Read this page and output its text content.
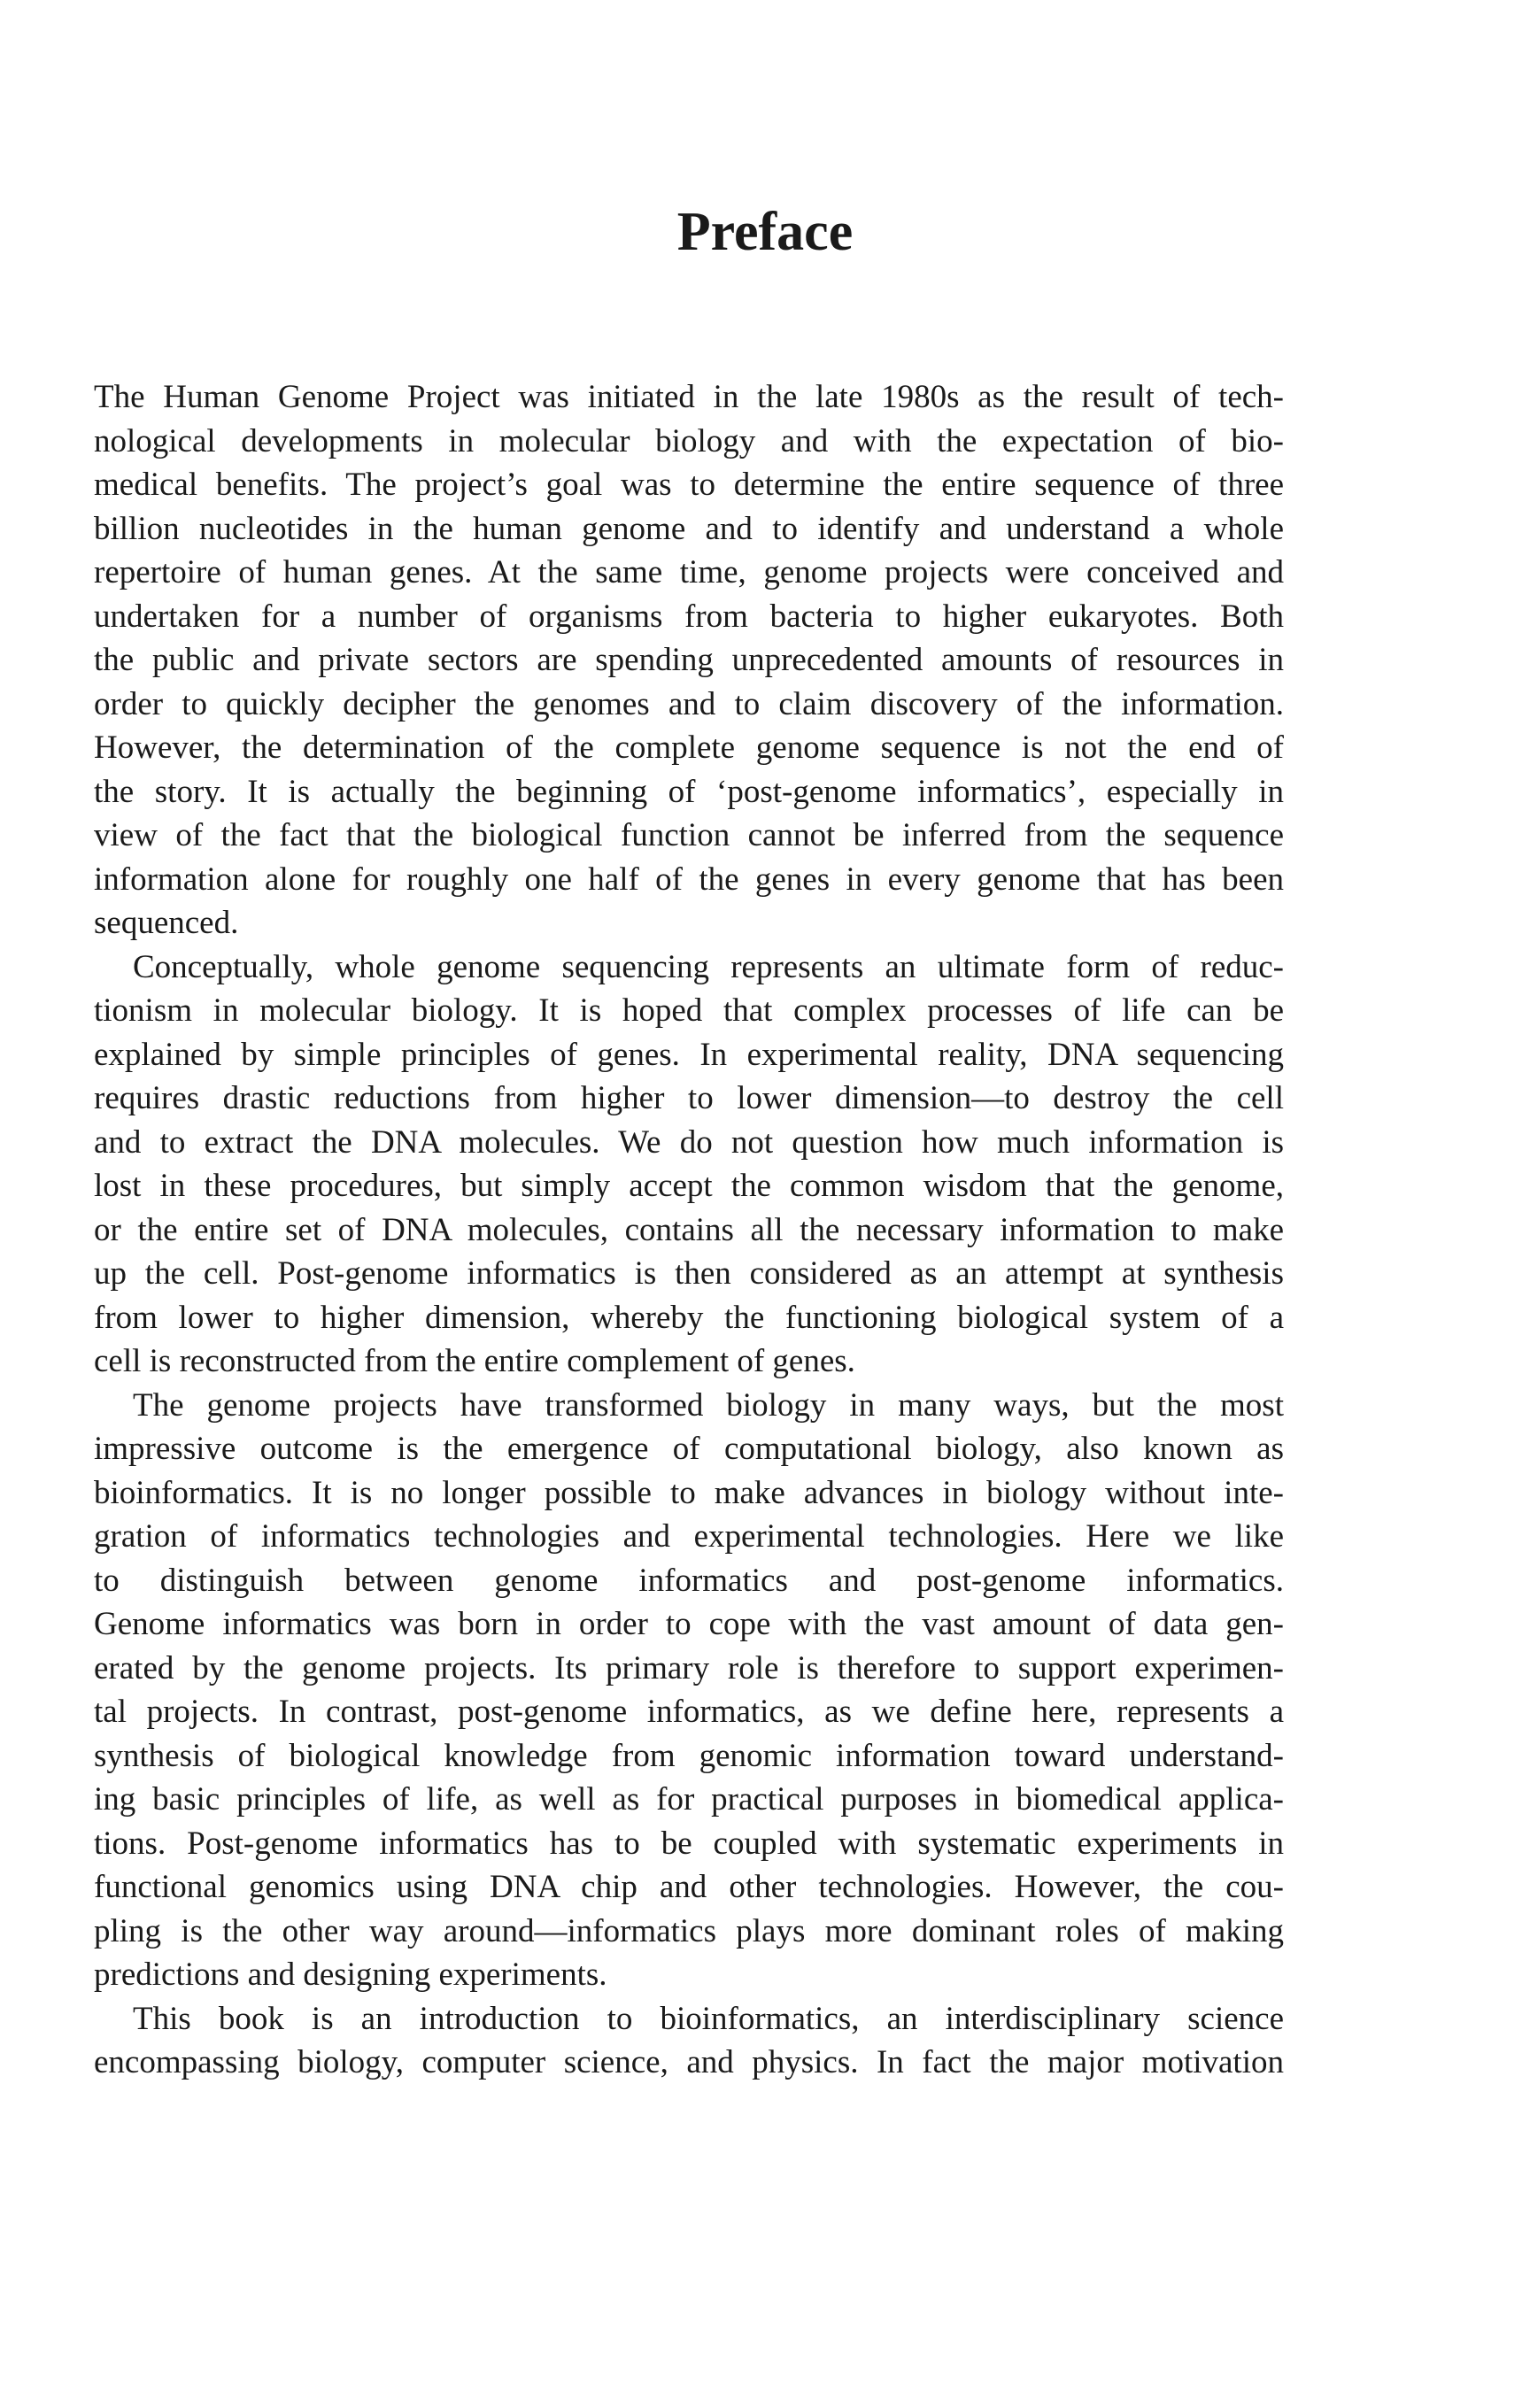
Preface
The Human Genome Project was initiated in the late 1980s as the result of tech-
nological developments in molecular biology and with the expectation of bio-
medical benefits. The project’s goal was to determine the entire sequence of three
billion nucleotides in the human genome and to identify and understand a whole
repertoire of human genes. At the same time, genome projects were conceived and
undertaken for a number of organisms from bacteria to higher eukaryotes. Both
the public and private sectors are spending unprecedented amounts of resources in
order to quickly decipher the genomes and to claim discovery of the information.
However, the determination of the complete genome sequence is not the end of
the story. It is actually the beginning of ‘post-genome informatics’, especially in
view of the fact that the biological function cannot be inferred from the sequence
information alone for roughly one half of the genes in every genome that has been
sequenced.
Conceptually, whole genome sequencing represents an ultimate form of reduc-
tionism in molecular biology. It is hoped that complex processes of life can be
explained by simple principles of genes. In experimental reality, DNA sequencing
requires drastic reductions from higher to lower dimension—to destroy the cell
and to extract the DNA molecules. We do not question how much information is
lost in these procedures, but simply accept the common wisdom that the genome,
or the entire set of DNA molecules, contains all the necessary information to make
up the cell. Post-genome informatics is then considered as an attempt at synthesis
from lower to higher dimension, whereby the functioning biological system of a
cell is reconstructed from the entire complement of genes.
The genome projects have transformed biology in many ways, but the most
impressive outcome is the emergence of computational biology, also known as
bioinformatics. It is no longer possible to make advances in biology without inte-
gration of informatics technologies and experimental technologies. Here we like
to distinguish between genome informatics and post-genome informatics.
Genome informatics was born in order to cope with the vast amount of data gen-
erated by the genome projects. Its primary role is therefore to support experimen-
tal projects. In contrast, post-genome informatics, as we define here, represents a
synthesis of biological knowledge from genomic information toward understand-
ing basic principles of life, as well as for practical purposes in biomedical applica-
tions. Post-genome informatics has to be coupled with systematic experiments in
functional genomics using DNA chip and other technologies. However, the cou-
pling is the other way around—informatics plays more dominant roles of making
predictions and designing experiments.
This book is an introduction to bioinformatics, an interdisciplinary science
encompassing biology, computer science, and physics. In fact the major motivation
